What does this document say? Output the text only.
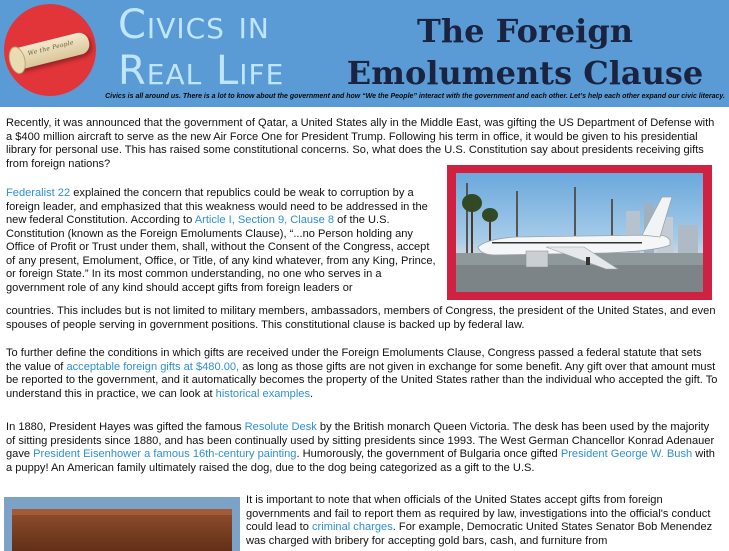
We the People
Civics in
Real Life
The Foreign
Emoluments Clause
Civics is all around us. There is a lot to know about the government and how “We the People” interact with the government and each other. Let’s help each other expand our civic literacy.

Recently, it was announced that the government of Qatar, a United States ally in the Middle East, was gifting the US Department of Defense with a $400 million aircraft to serve as the new Air Force One for President Trump. Following his term in office, it would be given to his presidential library for personal use. This has raised some constitutional concerns. So, what does the U.S. Constitution say about presidents receiving gifts from foreign nations?

Federalist 22 explained the concern that republics could be weak to corruption by a foreign leader, and emphasized that this weakness would need to be addressed in the new federal Constitution. According to Article I, Section 9, Clause 8 of the U.S. Constitution (known as the Foreign Emoluments Clause), “...no Person holding any Office of Profit or Trust under them, shall, without the Consent of the Congress, accept of any present, Emolument, Office, or Title, of any kind whatever, from any King, Prince, or foreign State.” In its most common understanding, no one who serves in a government role of any kind should accept gifts from foreign leaders or

countries. This includes but is not limited to military members, ambassadors, members of Congress, the president of the United States, and even spouses of people serving in government positions. This constitutional clause is backed up by federal law.

To further define the conditions in which gifts are received under the Foreign Emoluments Clause, Congress passed a federal statute that sets the value of acceptable foreign gifts at $480.00, as long as those gifts are not given in exchange for some benefit. Any gift over that amount must be reported to the government, and it automatically becomes the property of the United States rather than the individual who accepted the gift. To understand this in practice, we can look at historical examples.

In 1880, President Hayes was gifted the famous Resolute Desk by the British monarch Queen Victoria. The desk has been used by the majority of sitting presidents since 1880, and has been continually used by sitting presidents since 1993. The West German Chancellor Konrad Adenauer gave President Eisenhower a famous 16th-century painting. Humorously, the government of Bulgaria once gifted President George W. Bush with a puppy! An American family ultimately raised the dog, due to the dog being categorized as a gift to the U.S.

It is important to note that when officials of the United States accept gifts from foreign governments and fail to report them as required by law, investigations into the official's conduct could lead to criminal charges. For example, Democratic United States Senator Bob Menendez was charged with bribery for accepting gold bars, cash, and furniture from
